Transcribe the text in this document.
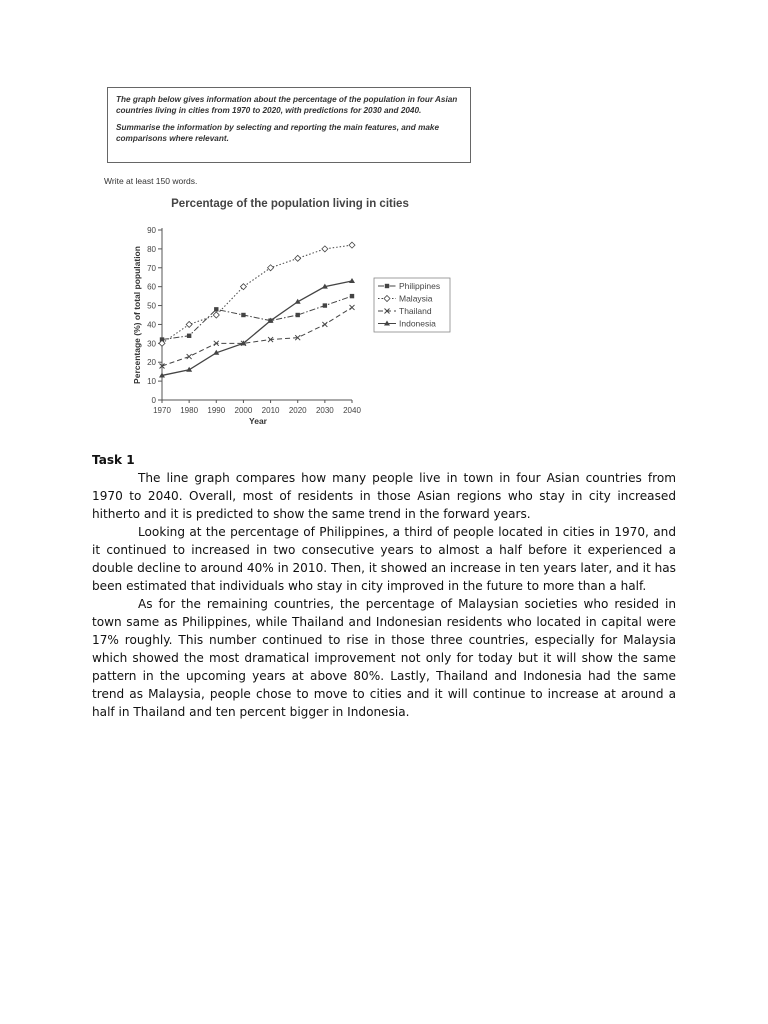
The graph below gives information about the percentage of the population in four Asian countries living in cities from 1970 to 2020, with predictions for 2030 and 2040.

Summarise the information by selecting and reporting the main features, and make comparisons where relevant.

Write at least 150 words.
Percentage of the population living in cities
Percentage (%) of total population
Year
0
10
20
30
40
50
60
70
80
90
1970 1980 1990 2000 2010 2020 2030 2040
Philippines
Malaysia
Thailand
Indonesia
Task 1

The line graph compares how many people live in town in four Asian countries from 1970 to 2040. Overall, most of residents in those Asian regions who stay in city increased hitherto and it is predicted to show the same trend in the forward years.

Looking at the percentage of Philippines, a third of people located in cities in 1970, and it continued to increased in two consecutive years to almost a half before it experienced a double decline to around 40% in 2010. Then, it showed an increase in ten years later, and it has been estimated that individuals who stay in city improved in the future to more than a half.

As for the remaining countries, the percentage of Malaysian societies who resided in town same as Philippines, while Thailand and Indonesian residents who located in capital were 17% roughly. This number continued to rise in those three countries, especially for Malaysia which showed the most dramatical improvement not only for today but it will show the same pattern in the upcoming years at above 80%. Lastly, Thailand and Indonesia had the same trend as Malaysia, people chose to move to cities and it will continue to increase at around a half in Thailand and ten percent bigger in Indonesia.
